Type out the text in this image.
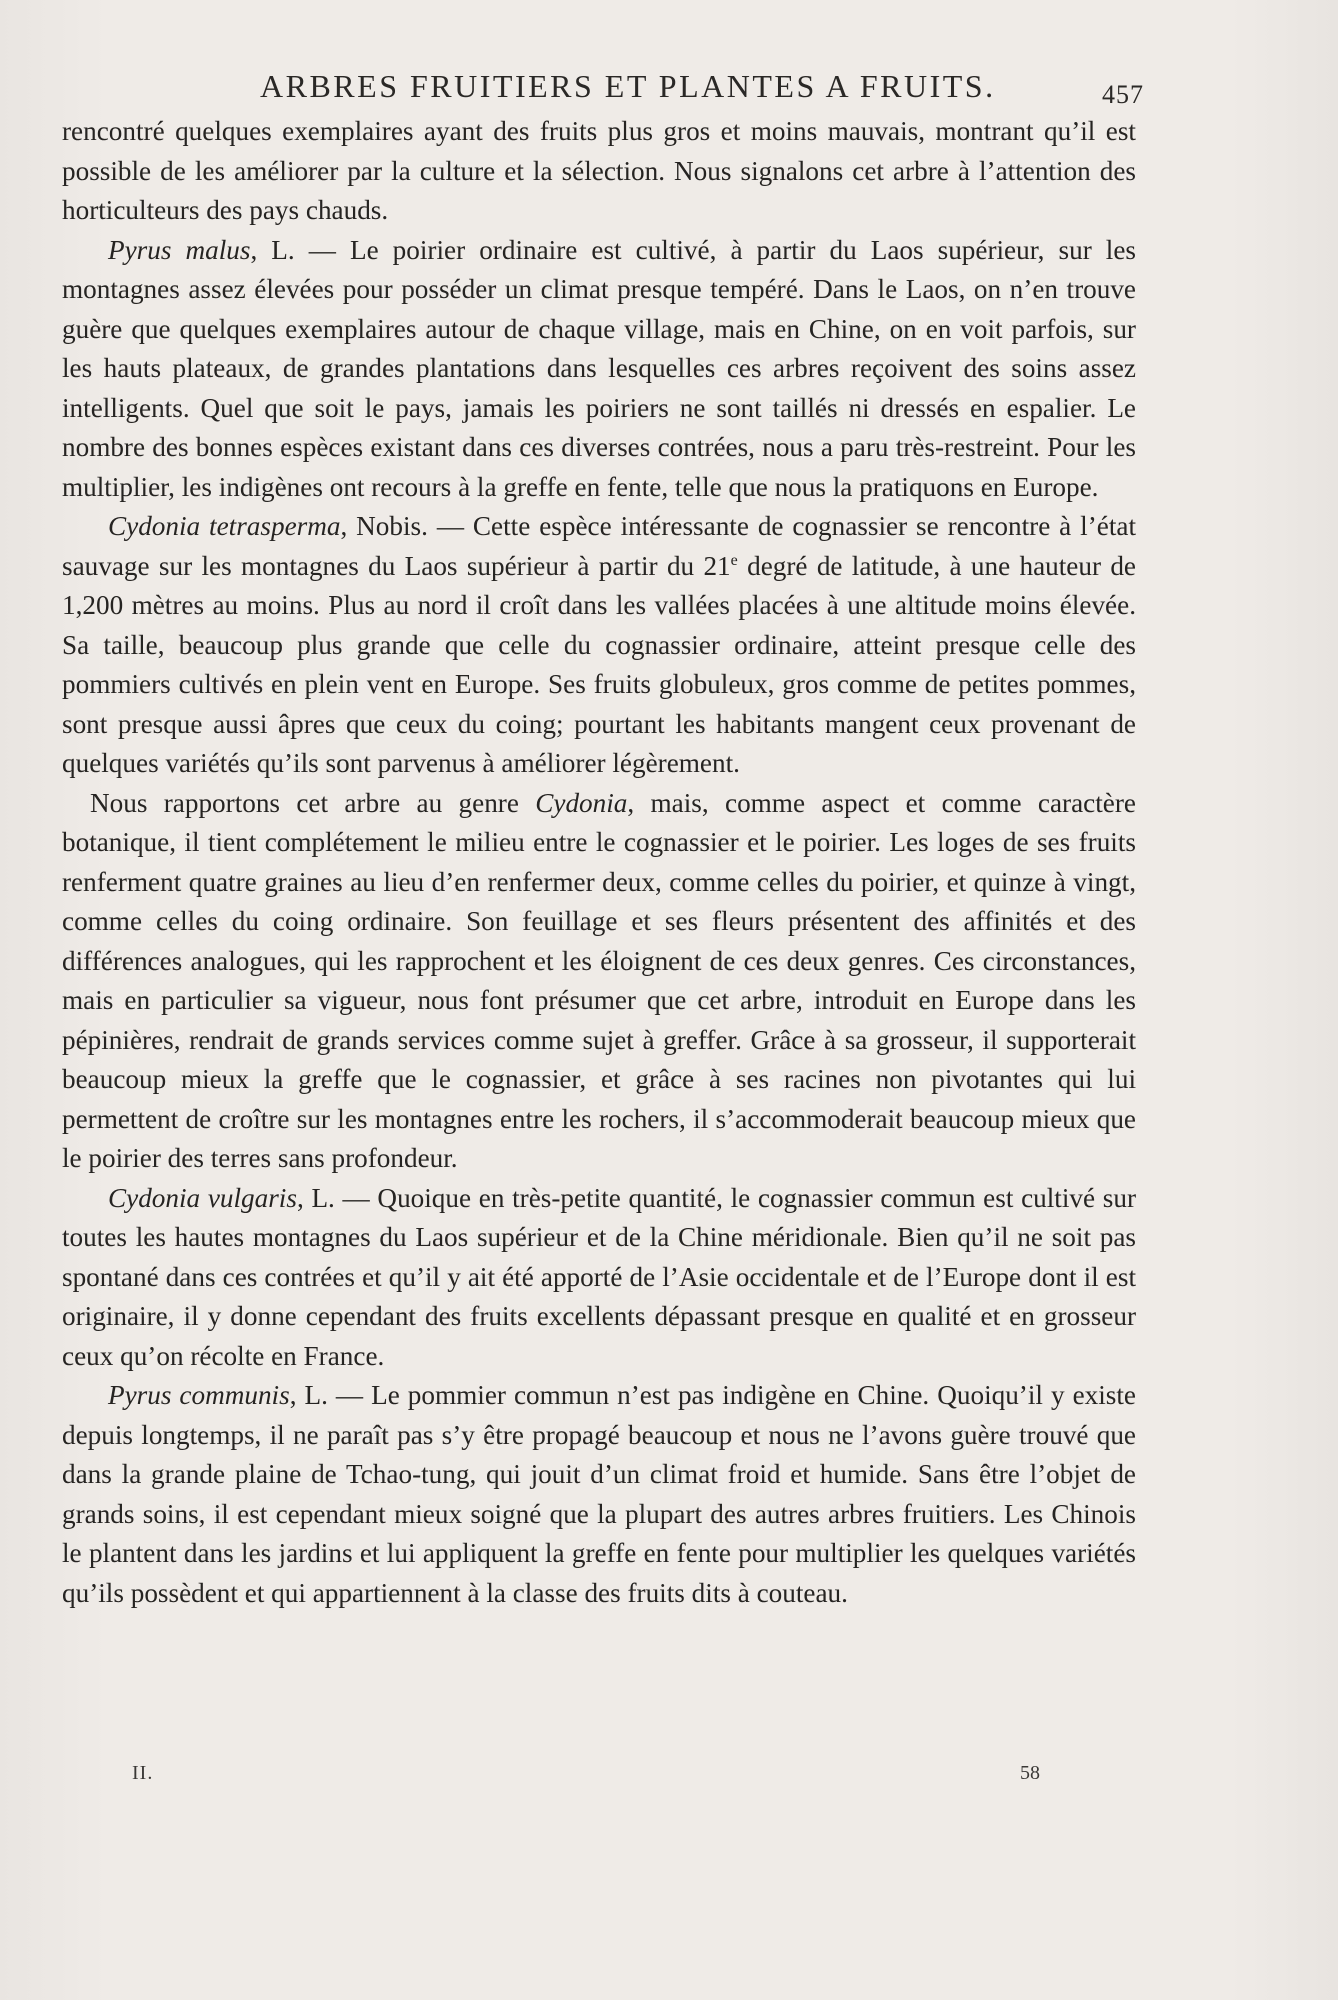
ARBRES FRUITIERS ET PLANTES A FRUITS.	457

rencontré quelques exemplaires ayant des fruits plus gros et moins mauvais, montrant qu’il est possible de les améliorer par la culture et la sélection. Nous signalons cet arbre à l’attention des horticulteurs des pays chauds.

Pyrus malus, L. — Le poirier ordinaire est cultivé, à partir du Laos supérieur, sur les montagnes assez élevées pour posséder un climat presque tempéré. Dans le Laos, on n’en trouve guère que quelques exemplaires autour de chaque village, mais en Chine, on en voit parfois, sur les hauts plateaux, de grandes plantations dans lesquelles ces arbres reçoivent des soins assez intelligents. Quel que soit le pays, jamais les poiriers ne sont taillés ni dressés en espalier. Le nombre des bonnes espèces existant dans ces diverses contrées, nous a paru très-restreint. Pour les multiplier, les indigènes ont recours à la greffe en fente, telle que nous la pratiquons en Europe.

Cydonia tetrasperma, Nobis. — Cette espèce intéressante de cognassier se rencontre à l’état sauvage sur les montagnes du Laos supérieur à partir du 21e degré de latitude, à une hauteur de 1,200 mètres au moins. Plus au nord il croît dans les vallées placées à une altitude moins élevée. Sa taille, beaucoup plus grande que celle du cognassier ordinaire, atteint presque celle des pommiers cultivés en plein vent en Europe. Ses fruits globuleux, gros comme de petites pommes, sont presque aussi âpres que ceux du coing; pourtant les habitants mangent ceux provenant de quelques variétés qu’ils sont parvenus à améliorer légèrement.

Nous rapportons cet arbre au genre Cydonia, mais, comme aspect et comme caractère botanique, il tient complétement le milieu entre le cognassier et le poirier. Les loges de ses fruits renferment quatre graines au lieu d’en renfermer deux, comme celles du poirier, et quinze à vingt, comme celles du coing ordinaire. Son feuillage et ses fleurs présentent des affinités et des différences analogues, qui les rapprochent et les éloignent de ces deux genres. Ces circonstances, mais en particulier sa vigueur, nous font présumer que cet arbre, introduit en Europe dans les pépinières, rendrait de grands services comme sujet à greffer. Grâce à sa grosseur, il supporterait beaucoup mieux la greffe que le cognassier, et grâce à ses racines non pivotantes qui lui permettent de croître sur les montagnes entre les rochers, il s’accommoderait beaucoup mieux que le poirier des terres sans profondeur.

Cydonia vulgaris, L. — Quoique en très-petite quantité, le cognassier commun est cultivé sur toutes les hautes montagnes du Laos supérieur et de la Chine méridionale. Bien qu’il ne soit pas spontané dans ces contrées et qu’il y ait été apporté de l’Asie occidentale et de l’Europe dont il est originaire, il y donne cependant des fruits excellents dépassant presque en qualité et en grosseur ceux qu’on récolte en France.

Pyrus communis, L. — Le pommier commun n’est pas indigène en Chine. Quoiqu’il y existe depuis longtemps, il ne paraît pas s’y être propagé beaucoup et nous ne l’avons guère trouvé que dans la grande plaine de Tchao-tung, qui jouit d’un climat froid et humide. Sans être l’objet de grands soins, il est cependant mieux soigné que la plupart des autres arbres fruitiers. Les Chinois le plantent dans les jardins et lui appliquent la greffe en fente pour multiplier les quelques variétés qu’ils possèdent et qui appartiennent à la classe des fruits dits à couteau.

II.	58
